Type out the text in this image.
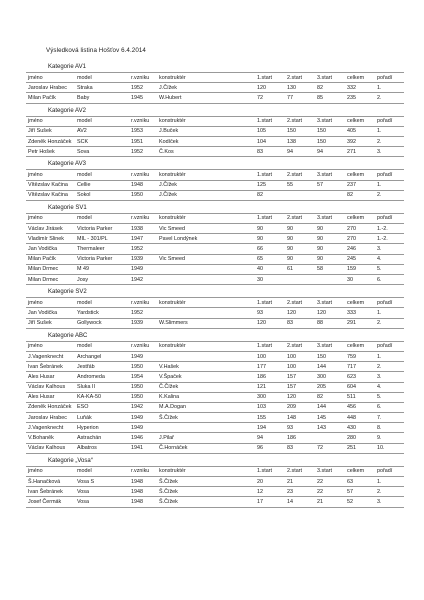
Výsledková listina Hošťov 6.4.2014
Kategorie AV1
jméno	model	r.vzniku	konstruktér	1.start	2.start	3.start	celkem	pořadí
Jaroslav Hrabec	Straka	1952	J.Čížek	120	130	82	332	1.
Milan Pačík	Baby	1945	W.Hubert	72	77	85	235	2.
Kategorie AV2
jméno	model	r.vzniku	konstruktér	1.start	2.start	3.start	celkem	pořadí
Jiří Sušek	AV2	1953	J.Buček	105	150	150	405	1.
Zdeněk Honzáček	SCK	1951	Kodíček	104	138	150	392	2.
Petr Hošek	Sova	1952	Č.Kos	83	94	94	271	3.
Kategorie AV3
jméno	model	r.vzniku	konstruktér	1.start	2.start	3.start	celkem	pořadí
Vítězslav Kačina	Cellie	1948	J.Čížek	125	55	57	237	1.
Vítězslav Kačina	Sokol	1950	J.Čížek	82			82	2.
Kategorie SV1
jméno	model	r.vzniku	konstruktér	1.start	2.start	3.start	celkem	pořadí
Václav Jirásek	Victoria Parker	1938	Vic Smeed	90	90	90	270	1.-2.
Vladimír Slinek	MIL - 301/PL	1947	Pavel Londýnek	90	90	90	270	1.-2.
Jan Vodička	Thermaleer	1952		66	90	90	246	3.
Milan Pačík	Victoria Parker	1939	Vic Smeed	65	90	90	245	4.
Milan Drmec	M 49	1949		40	61	58	159	5.
Milan Drmec	Josy	1942		30			30	6.
Kategorie SV2
jméno	model	r.vzniku	konstruktér	1.start	2.start	3.start	celkem	pořadí
Jan Vodička	Yardstick	1952		93	120	120	333	1.
Jiří Sušek	Gollywock	1939	W.Slimmers	120	83	88	291	2.
Kategorie ABC
jméno	model	r.vzniku	konstruktér	1.start	2.start	3.start	celkem	pořadí
J.Vagenknecht	Archangel	1949		100	100	150	759	1.
Ivan Šebránek	Jestřáb	1950	V.Hašek	177	100	144	717	2.
Ales Husar	Andromeda	1954	V.Špaček	186	157	300	623	3.
Václav Kalhous	Sluka II	1950	Č.Čížek	121	157	205	604	4.
Ales Husar	KA-KA-50	1950	K.Kalina	300	120	82	511	5.
Zdeněk Honzáček	ESO	1942	M.A.Dogan	103	209	144	456	6.
Jaroslav Hrabec	Luňák	1949	Š.Čížek	155	148	145	448	7.
J.Vagenknecht	Hyperion	1949		194	93	143	430	8.
V.Bohaněk	Astrachán	1946	J.Pilař	94	186		280	9.
Václav Kalhous	Albatros	1941	Č.Hornáček	96	83	72	251	10.
Kategorie „Vosa“
jméno	model	r.vzniku	konstruktér	1.start	2.start	3.start	celkem	pořadí
Š.Hanačková	Vosa S	1948	Š.Čížek	20	21	22	63	1.
Ivan Šebránek	Vosa	1948	Š.Čížek	12	23	22	57	2.
Josef Čermák	Vosa	1948	Š.Čížek	17	14	21	52	3.
